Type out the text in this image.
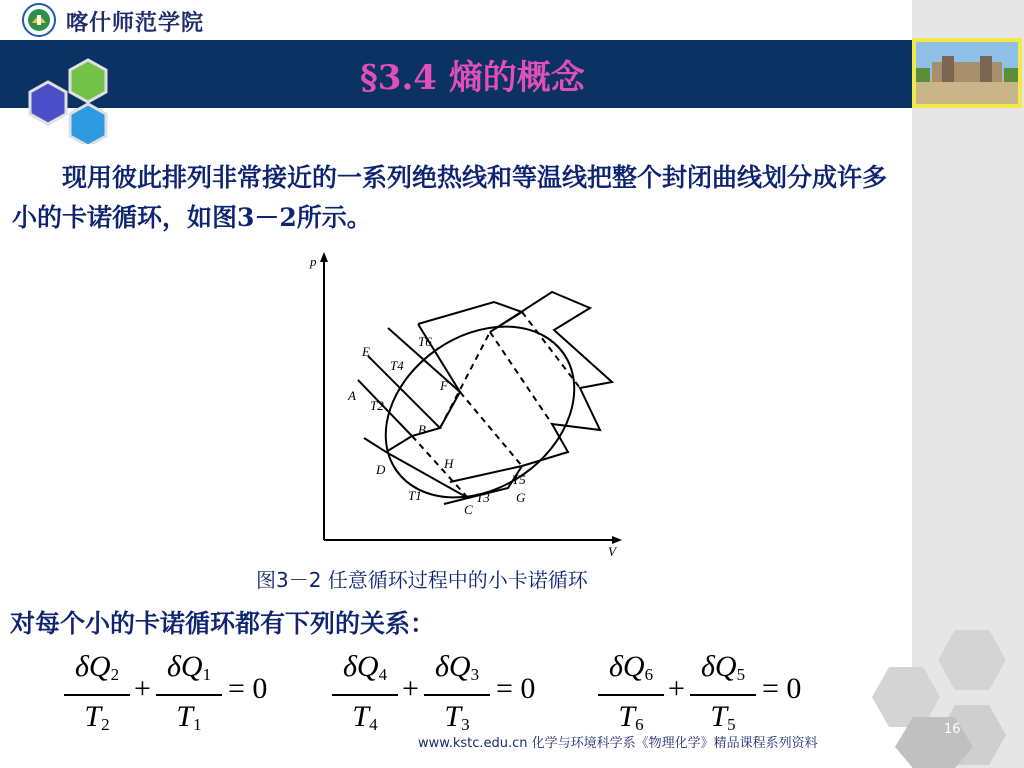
喀什师范学院
§3.4 熵的概念
现用彼此排列非常接近的一系列绝热线和等温线把整个封闭曲线划分成许多小的卡诺循环，如图3－2所示。
p
V
E
T4
T6
A
T2
F
B
H
D
T1	T3
T5
G
C
图3－2 任意循环过程中的小卡诺循环
对每个小的卡诺循环都有下列的关系：
$\delta Q_2$
$T_2$
+
$\delta Q_1$
$T_1$
= 0
$\delta Q_4$
$T_4$
+
$\delta Q_3$
$T_3$
= 0
$\delta Q_6$
$T_6$
+
$\delta Q_5$
$T_5$
= 0
www.kstc.edu.cn 化学与环境科学系《物理化学》精品课程系列资料
16
